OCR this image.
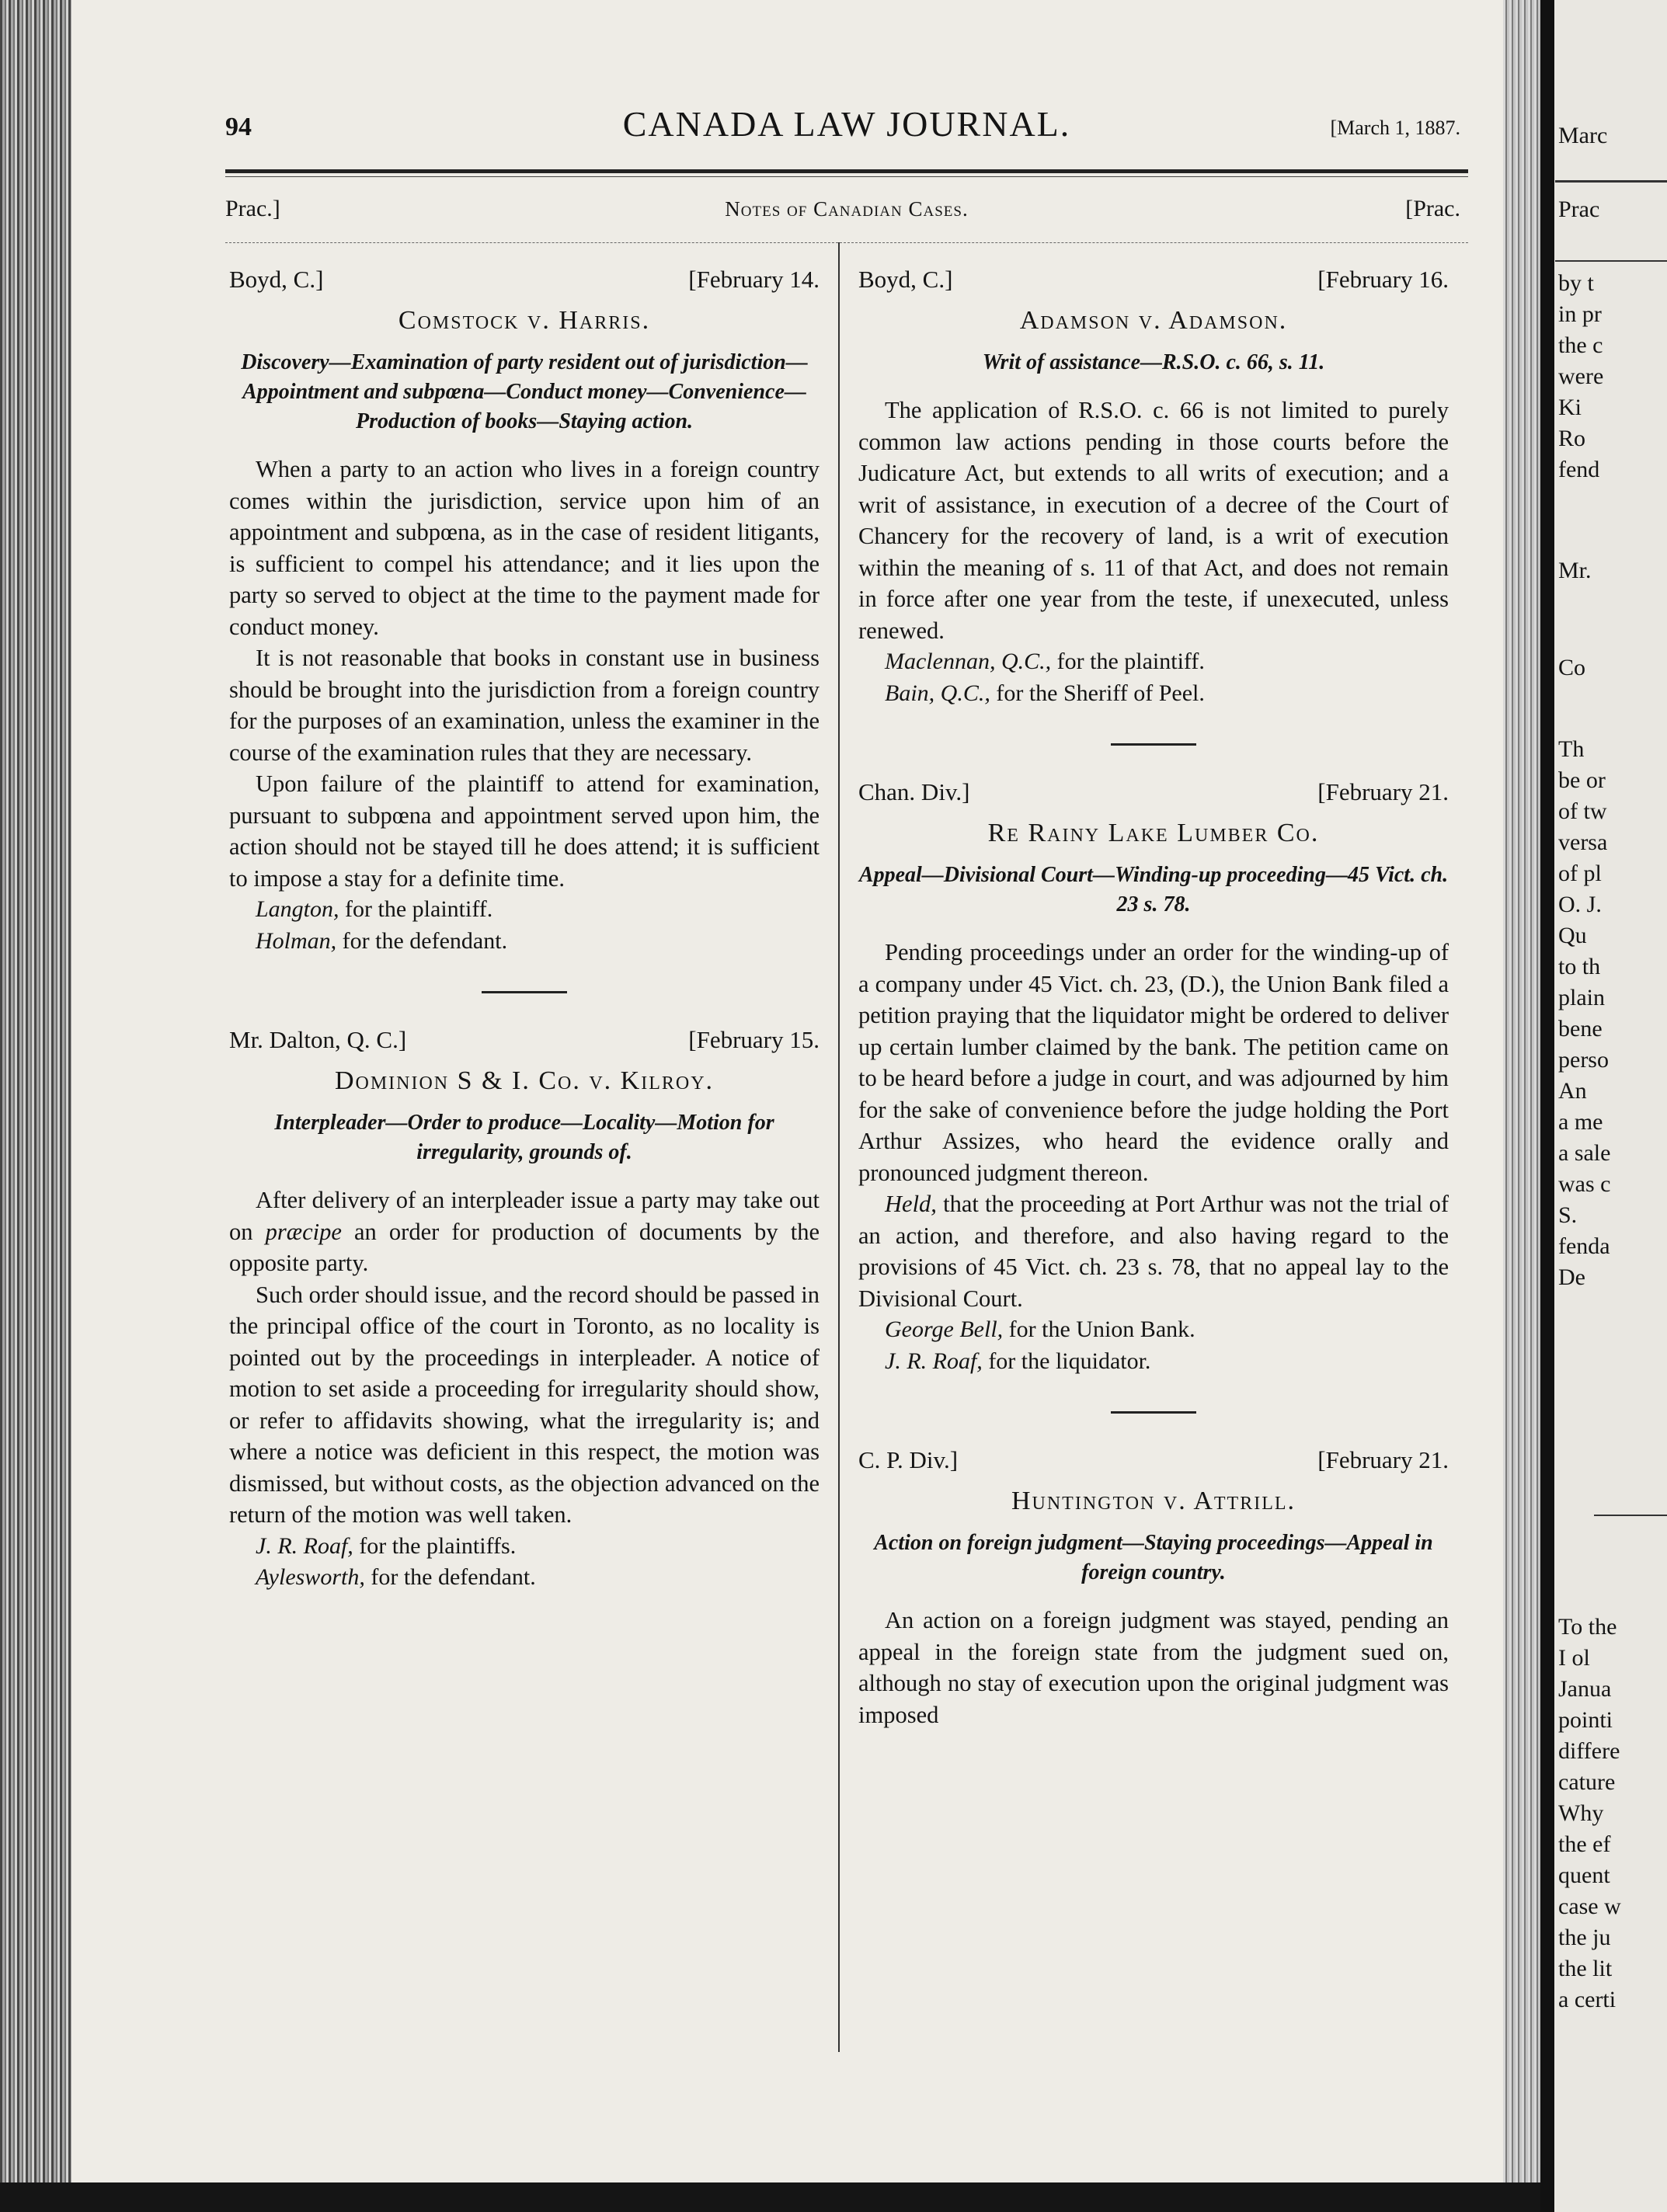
94	CANADA LAW JOURNAL.	[March 1, 1887.
Prac.]	Notes of Canadian Cases.	[Prac.
Boyd, C.]	[February 14.
Comstock v. Harris.
Discovery—Examination of party resident out of jurisdiction—Appointment and subpœna—Conduct money—Convenience—Production of books—Staying action.

When a party to an action who lives in a foreign country comes within the jurisdiction, service upon him of an appointment and subpœna, as in the case of resident litigants, is sufficient to compel his attendance; and it lies upon the party so served to object at the time to the payment made for conduct money.

It is not reasonable that books in constant use in business should be brought into the jurisdiction from a foreign country for the purposes of an examination, unless the examiner in the course of the examination rules that they are necessary.

Upon failure of the plaintiff to attend for examination, pursuant to subpœna and appointment served upon him, the action should not be stayed till he does attend; it is sufficient to impose a stay for a definite time.

Langton, for the plaintiff.
Holman, for the defendant.
Mr. Dalton, Q. C.]	[February 15.
Dominion S & I. Co. v. Kilroy.
Interpleader—Order to produce—Locality—Motion for irregularity, grounds of.

After delivery of an interpleader issue a party may take out on præcipe an order for production of documents by the opposite party.

Such order should issue, and the record should be passed in the principal office of the court in Toronto, as no locality is pointed out by the proceedings in interpleader. A notice of motion to set aside a proceeding for irregularity should show, or refer to affidavits showing, what the irregularity is; and where a notice was deficient in this respect, the motion was dismissed, but without costs, as the objection advanced on the return of the motion was well taken.

J. R. Roaf, for the plaintiffs.
Aylesworth, for the defendant.
Boyd, C.]	[February 16.
Adamson v. Adamson.
Writ of assistance—R.S.O. c. 66, s. 11.

The application of R.S.O. c. 66 is not limited to purely common law actions pending in those courts before the Judicature Act, but extends to all writs of execution; and a writ of assistance, in execution of a decree of the Court of Chancery for the recovery of land, is a writ of execution within the meaning of s. 11 of that Act, and does not remain in force after one year from the teste, if unexecuted, unless renewed.

Maclennan, Q.C., for the plaintiff.
Bain, Q.C., for the Sheriff of Peel.
Chan. Div.]	[February 21.
Re Rainy Lake Lumber Co.
Appeal—Divisional Court—Winding-up proceeding—45 Vict. ch. 23 s. 78.

Pending proceedings under an order for the winding-up of a company under 45 Vict. ch. 23, (D.), the Union Bank filed a petition praying that the liquidator might be ordered to deliver up certain lumber claimed by the bank. The petition came on to be heard before a judge in court, and was adjourned by him for the sake of convenience before the judge holding the Port Arthur Assizes, who heard the evidence orally and pronounced judgment thereon.

Held, that the proceeding at Port Arthur was not the trial of an action, and therefore, and also having regard to the provisions of 45 Vict. ch. 23 s. 78, that no appeal lay to the Divisional Court.

George Bell, for the Union Bank.
J. R. Roaf, for the liquidator.
C. P. Div.]	[February 21.
Huntington v. Attrill.
Action on foreign judgment—Staying proceedings—Appeal in foreign country.

An action on a foreign judgment was stayed, pending an appeal in the foreign state from the judgment sued on, although no stay of execution upon the original judgment was imposed

Marc
Prac
by t
in pr
the c
were
Ki
Ro
fend
Mr.
Co
Th
be or
of tw
versa
of pl
O. J.
Qu
to th
plain
bene
perso
An
a me
a sale
was c
S.
fenda
De
To the
I ol
Janua
pointi
differe
cature
Why
the ef
quent
case w
the ju
the lit
a certi
